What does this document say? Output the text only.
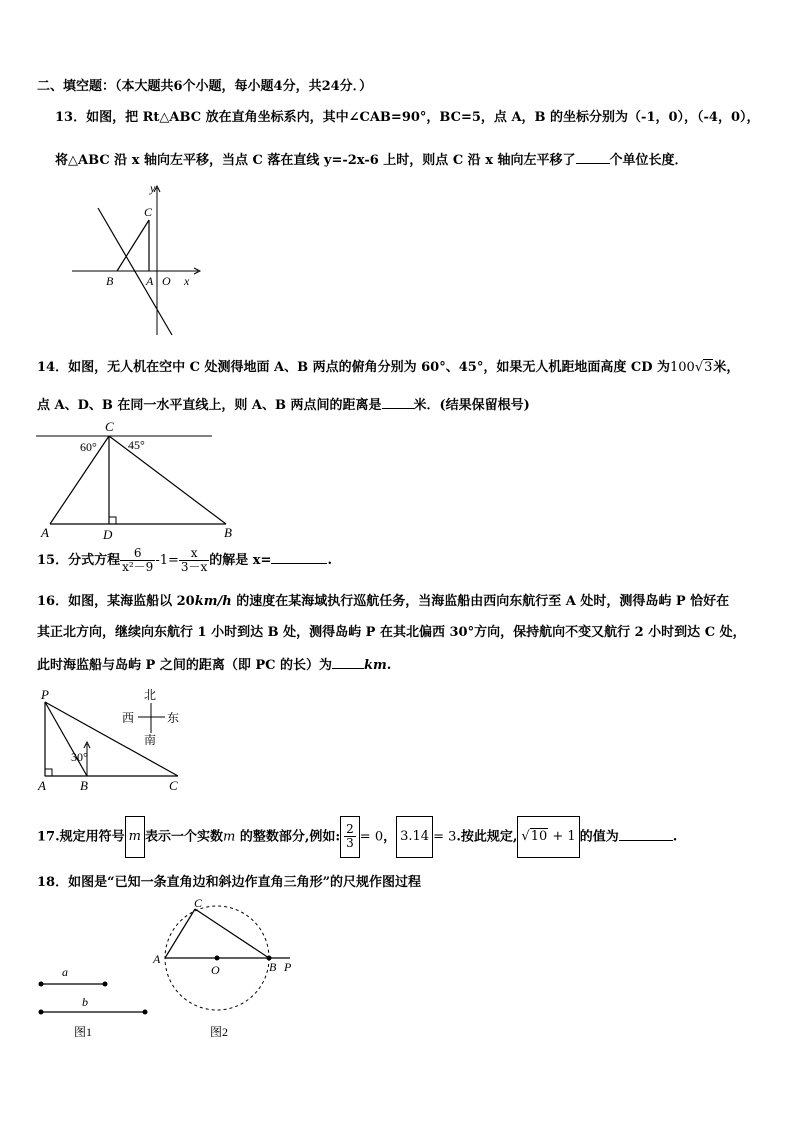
二、填空题：（本大题共6个小题，每小题4分，共24分．）
13．如图，把 Rt△ABC 放在直角坐标系内，其中∠CAB=90°，BC=5，点 A，B 的坐标分别为（-1，0），（-4，0），
将△ABC 沿 x 轴向左平移，当点 C 落在直线 y=-2x-6 上时，则点 C 沿 x 轴向左平移了	个单位长度．
y
C
B	A O x
14．如图，无人机在空中 C 处测得地面 A、B 两点的俯角分别为 60°、45°，如果无人机距地面高度 CD 为100√3米，
点 A、D、B 在同一水平直线上，则 A、B 两点间的距离是 米．(结果保留根号)
C
60°	45°
A	D	B
15．分式方程 $\frac{6}{\text{x²－9}} -1= \frac{x}{3-x}$ 的解是 x=	.
16．如图，某海监船以 20km/h 的速度在某海域执行巡航任务，当海监船由西向东航行至 A 处时，测得岛屿 P 恰好在
其正北方向，继续向东航行 1 小时到达 B 处，测得岛屿 P 在其北偏西 30°方向，保持航向不变又航行 2 小时到达 C 处，
此时海监船与岛屿 P 之间的距离（即 PC 的长）为 km.
P
30°
A	B	C
北
南
西	东
17.规定用符号 m 表示一个实数m 的整数部分,例如: $\frac{2}{3} = 0$， 3.14 = 3.按此规定, √10 + 1 的值为	.
18．如图是“已知一条直角边和斜边作直角三角形”的尺规作图过程
a
b
图1
C
A
O	B P
图2
